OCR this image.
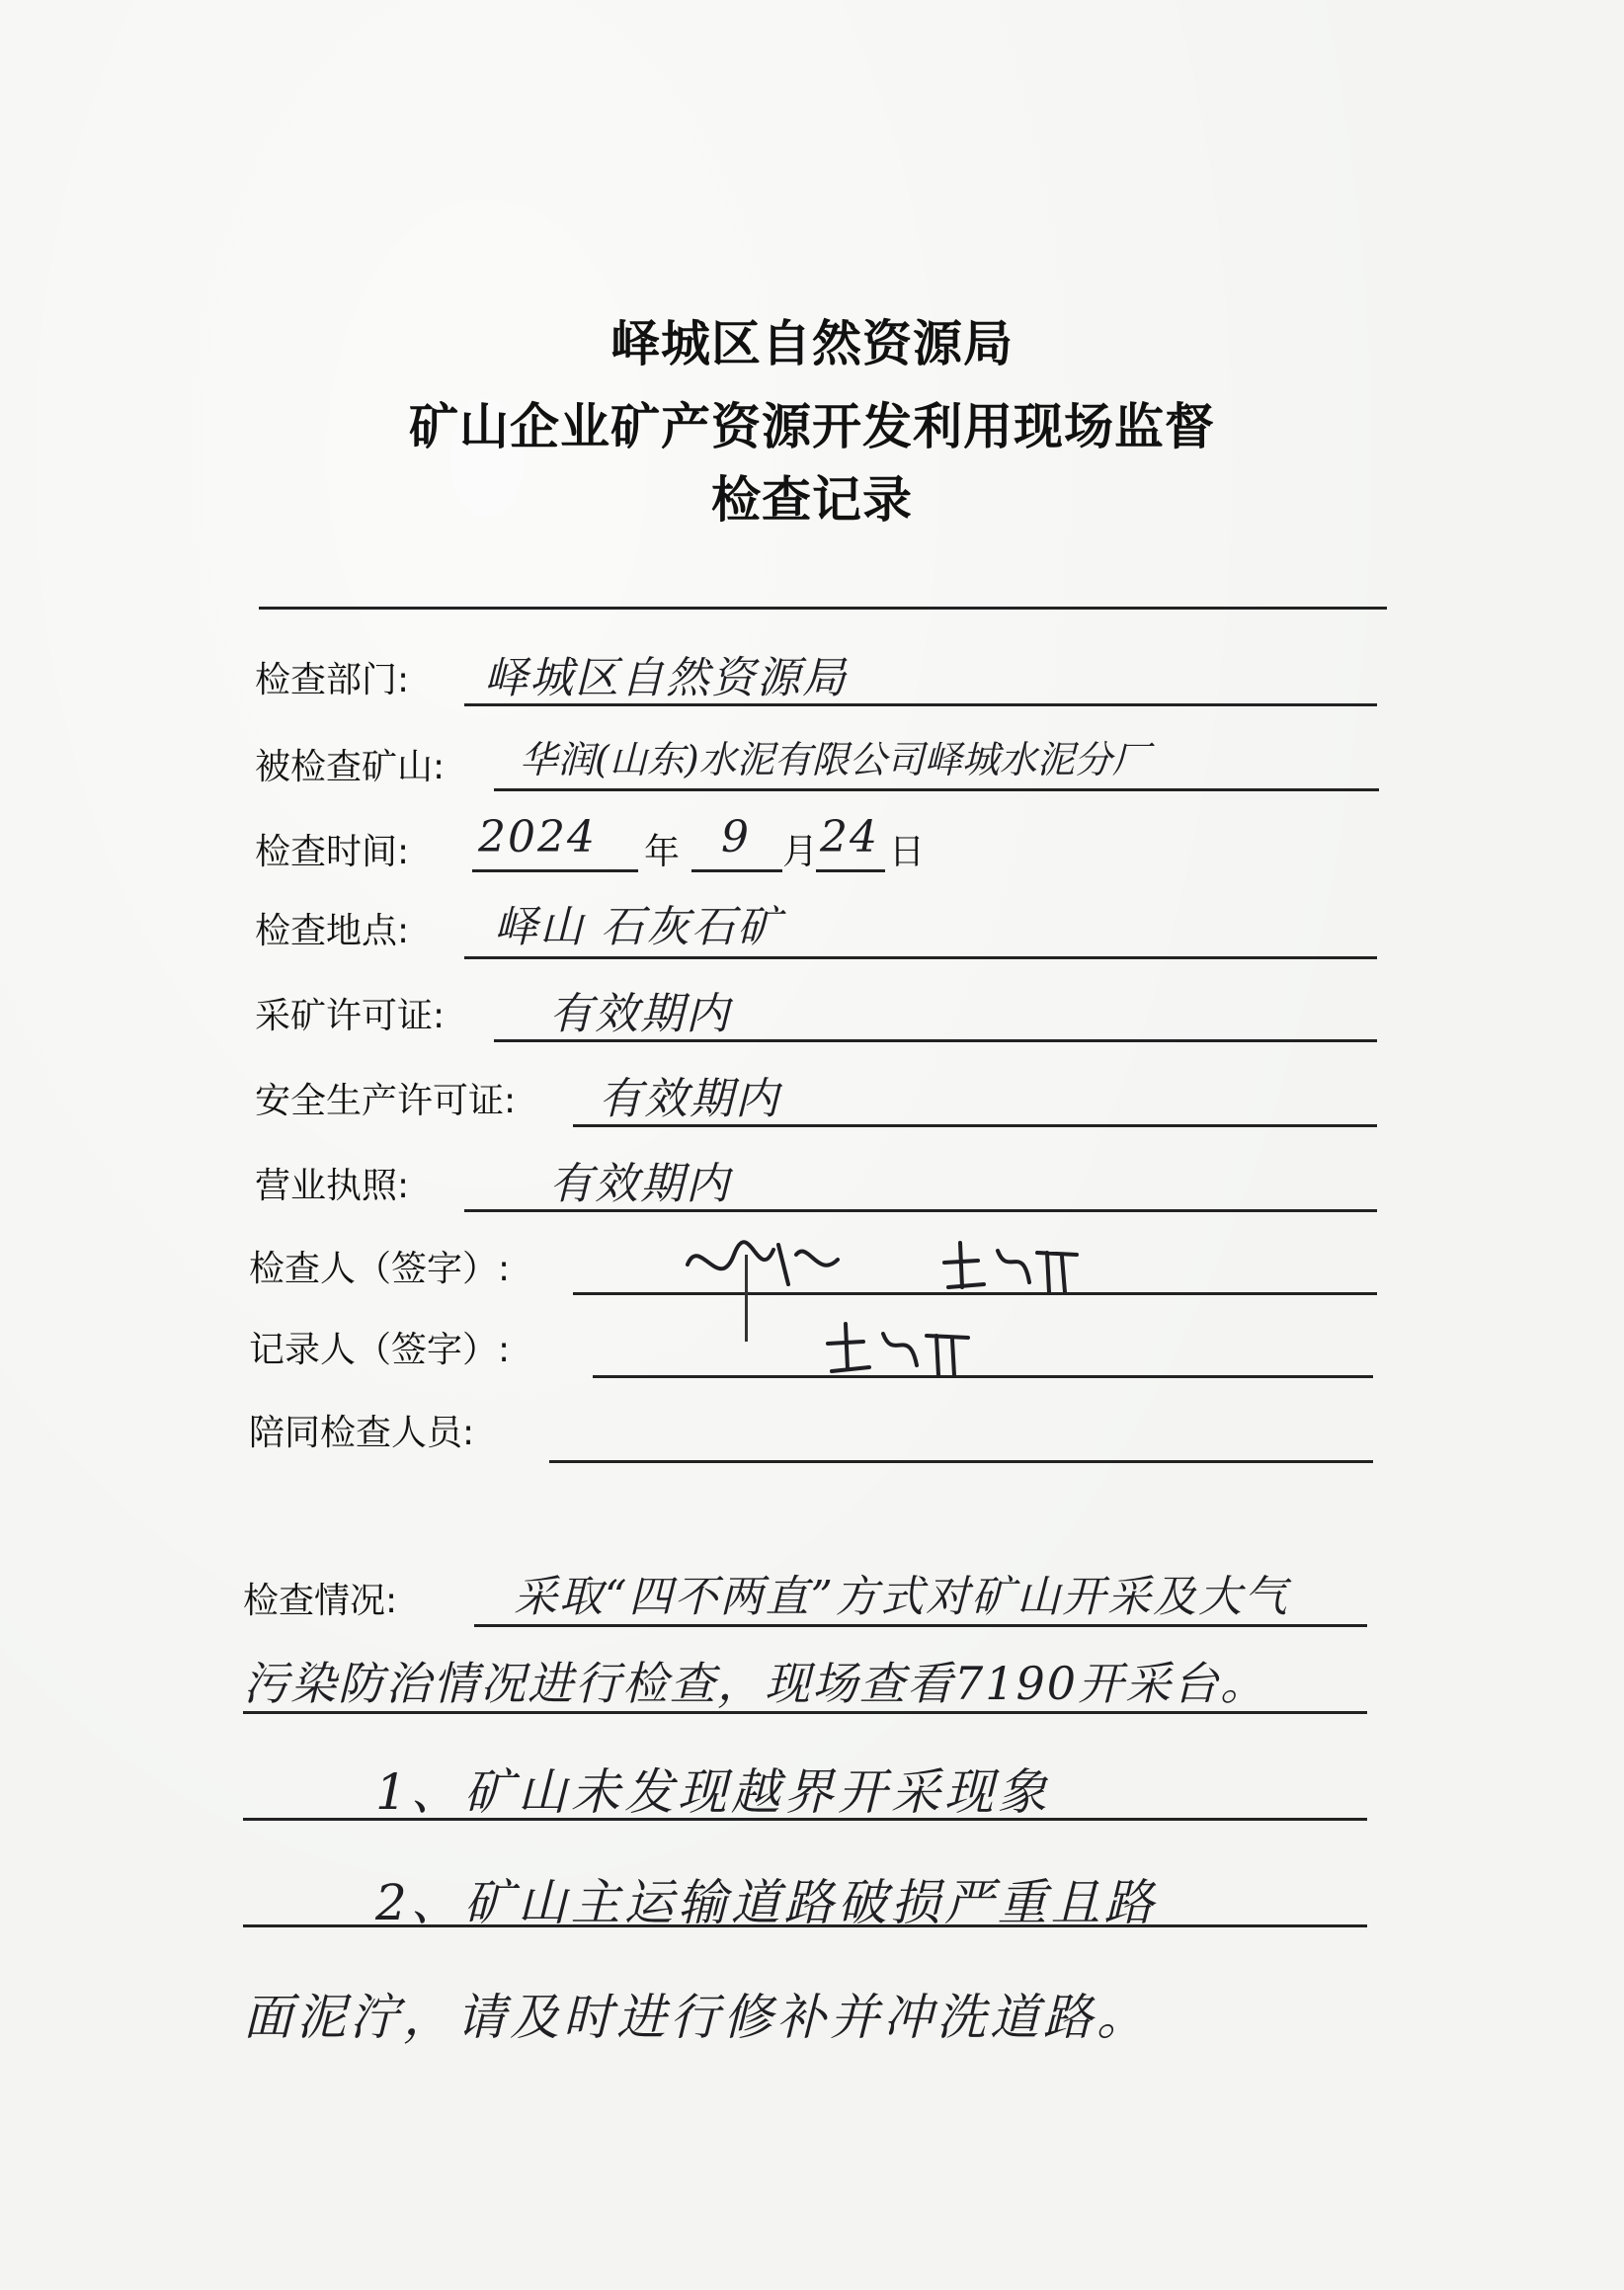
峄城区自然资源局
矿山企业矿产资源开发利用现场监督
检查记录
检查部门: 峄城区自然资源局
被检查矿山: 华润(山东)水泥有限公司峄城水泥分厂
检查时间: 2024 年 9 月 24 日
检查地点: 峄山 石灰石矿
采矿许可证: 有效期内
安全生产许可证: 有效期内
营业执照:	有效期内
检查人（签字）:
记录人（签字）:
陪同检查人员:
检查情况:	采取“四不两直”方式对矿山开采及大气
污染防治情况进行检查，现场查看7190开采台。
1、矿山未发现越界开采现象
2、矿山主运输道路破损严重且路
面泥泞，请及时进行修补并冲洗道路。
